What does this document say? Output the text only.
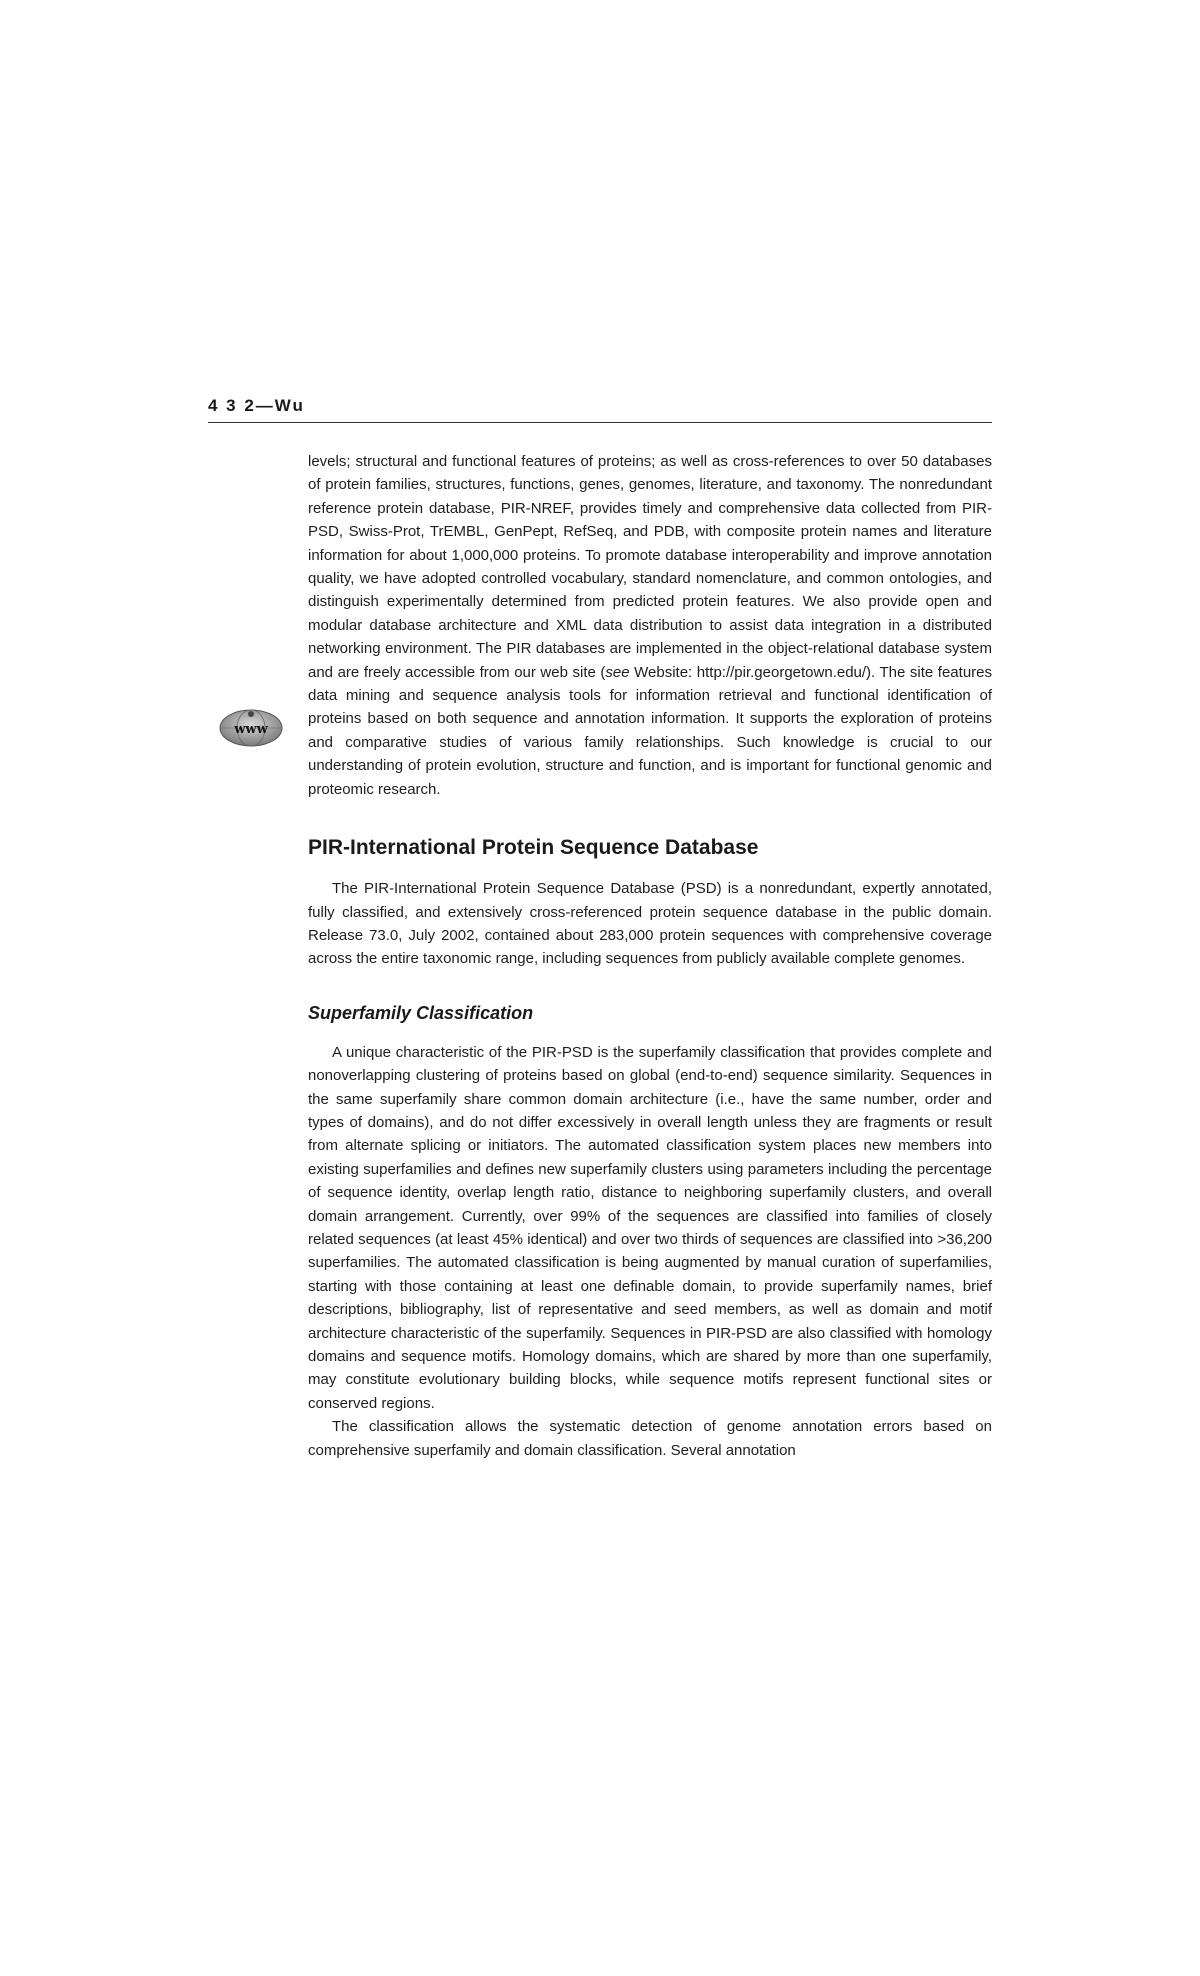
4 3 2—Wu
www

levels; structural and functional features of proteins; as well as cross-references to over 50 databases of protein families, structures, functions, genes, genomes, literature, and taxonomy. The nonredundant reference protein database, PIR-NREF, provides timely and comprehensive data collected from PIR-PSD, Swiss-Prot, TrEMBL, GenPept, RefSeq, and PDB, with composite protein names and literature information for about 1,000,000 proteins. To promote database interoperability and improve annotation quality, we have adopted controlled vocabulary, standard nomenclature, and common ontologies, and distinguish experimentally determined from predicted protein features. We also provide open and modular database architecture and XML data distribution to assist data integration in a distributed networking environment. The PIR databases are implemented in the object-relational database system and are freely accessible from our web site (see Website: http://pir.georgetown.edu/). The site features data mining and sequence analysis tools for information retrieval and functional identification of proteins based on both sequence and annotation information. It supports the exploration of proteins and comparative studies of various family relationships. Such knowledge is crucial to our understanding of protein evolution, structure and function, and is important for functional genomic and proteomic research.

PIR-International Protein Sequence Database

The PIR-International Protein Sequence Database (PSD) is a nonredundant, expertly annotated, fully classified, and extensively cross-referenced protein sequence database in the public domain. Release 73.0, July 2002, contained about 283,000 protein sequences with comprehensive coverage across the entire taxonomic range, including sequences from publicly available complete genomes.

Superfamily Classification

A unique characteristic of the PIR-PSD is the superfamily classification that provides complete and nonoverlapping clustering of proteins based on global (end-to-end) sequence similarity. Sequences in the same superfamily share common domain architecture (i.e., have the same number, order and types of domains), and do not differ excessively in overall length unless they are fragments or result from alternate splicing or initiators. The automated classification system places new members into existing superfamilies and defines new superfamily clusters using parameters including the percentage of sequence identity, overlap length ratio, distance to neighboring superfamily clusters, and overall domain arrangement. Currently, over 99% of the sequences are classified into families of closely related sequences (at least 45% identical) and over two thirds of sequences are classified into >36,200 superfamilies. The automated classification is being augmented by manual curation of superfamilies, starting with those containing at least one definable domain, to provide superfamily names, brief descriptions, bibliography, list of representative and seed members, as well as domain and motif architecture characteristic of the superfamily. Sequences in PIR-PSD are also classified with homology domains and sequence motifs. Homology domains, which are shared by more than one superfamily, may constitute evolutionary building blocks, while sequence motifs represent functional sites or conserved regions.

The classification allows the systematic detection of genome annotation errors based on comprehensive superfamily and domain classification. Several annotation
